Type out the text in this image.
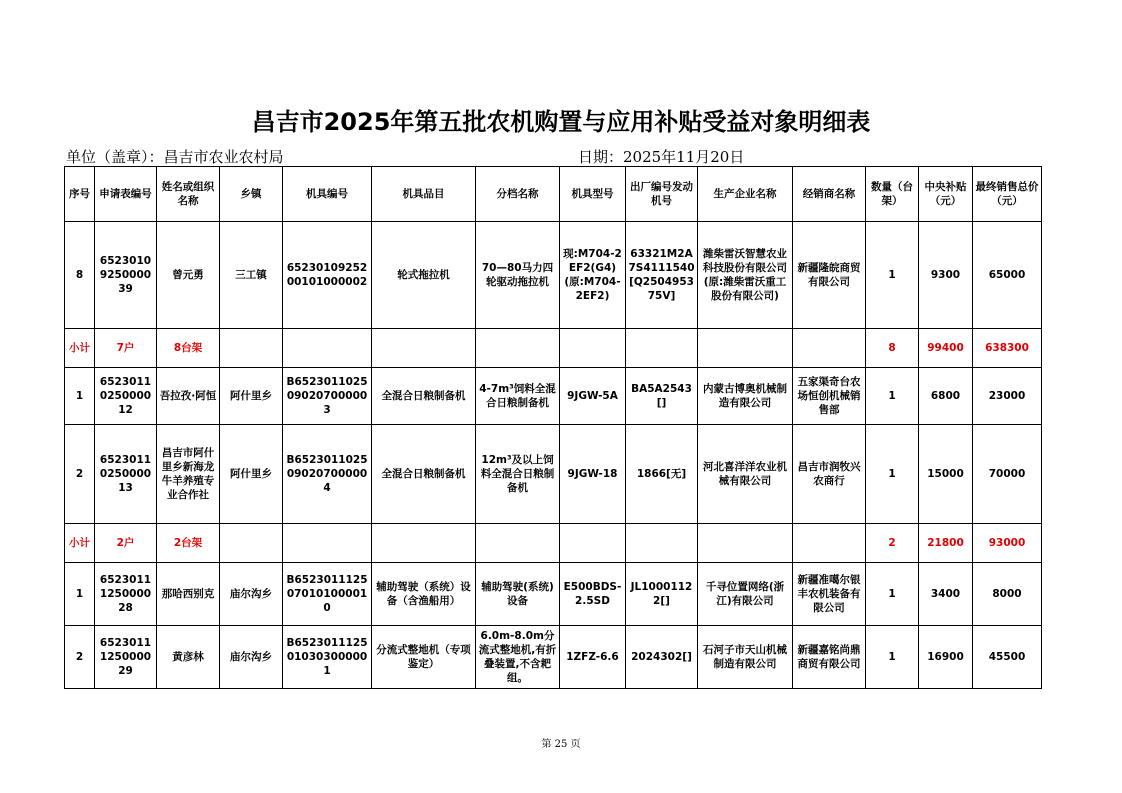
昌吉市2025年第五批农机购置与应用补贴受益对象明细表
单位（盖章）：昌吉市农业农村局	日期：2025年11月20日
序号	申请表编号	姓名或组织名称	乡镇	机具编号	机具品目	分档名称	机具型号	出厂编号发动机号	生产企业名称	经销商名称	数量（台架）	中央补贴（元）	最终销售总价（元）
8	6523010925000039	曾元勇	三工镇	6523010925200101000002	轮式拖拉机	70—80马力四轮驱动拖拉机	现:M704-2EF2(G4)(原:M704-2EF2)	63321M2A7S4111540[Q250495375V]	潍柴雷沃智慧农业科技股份有限公司(原:潍柴雷沃重工股份有限公司)	新疆隆皖商贸有限公司	1	9300	65000
小计	7户	8台架									8	99400	638300
1	6523011025000012	吾拉孜·阿恒	阿什里乡	B6523011025090207000003	全混合日粮制备机	4-7m³饲料全混合日粮制备机	9JGW-5A	BA5A2543[]	内蒙古博奥机械制造有限公司	五家渠奇台农场恒创机械销售部	1	6800	23000
2	6523011025000013	昌吉市阿什里乡新海龙牛羊养殖专业合作社	阿什里乡	B6523011025090207000004	全混合日粮制备机	12m³及以上饲料全混合日粮制备机	9JGW-18	1866[无]	河北喜洋洋农业机械有限公司	昌吉市润牧兴农商行	1	15000	70000
小计	2户	2台架									2	21800	93000
1	6523011125000028	那哈西别克	庙尔沟乡	B6523011125070101000010	辅助驾驶（系统）设备（含渔船用）	辅助驾驶(系统)设备	E500BDS-2.5SD	JL10001122[]	千寻位置网络(浙江)有限公司	新疆准噶尔银丰农机装备有限公司	1	3400	8000
2	6523011125000029	黄彦林	庙尔沟乡	B6523011125010303000001	分流式整地机（专项鉴定）	6.0m-8.0m分流式整地机,有折叠装置,不含耙组。	1ZFZ-6.6	2024302[]	石河子市天山机械制造有限公司	新疆嘉铭尚鼎商贸有限公司	1	16900	45500
第 25 页
